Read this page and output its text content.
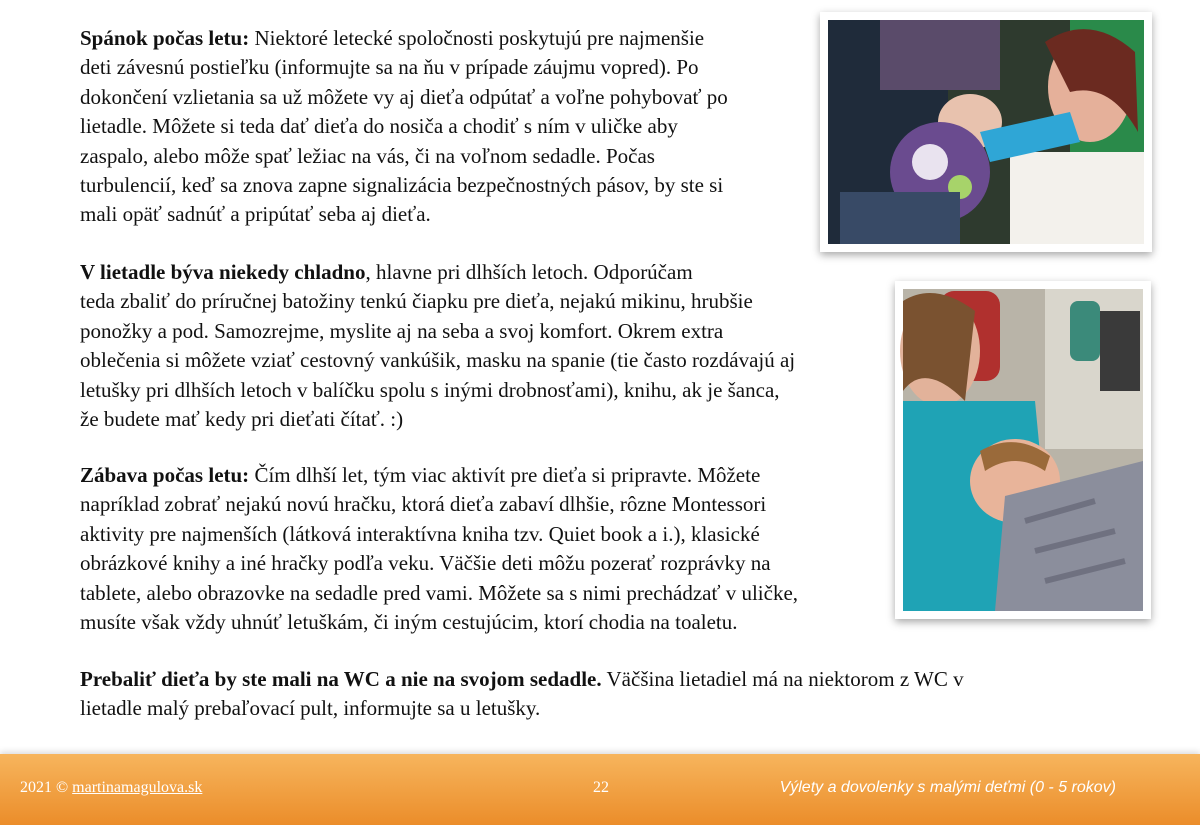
Spánok počas letu: Niektoré letecké spoločnosti poskytujú pre najmenšie
deti závesnú postieľku (informujte sa na ňu v prípade záujmu vopred). Po
dokončení vzlietania sa už môžete vy aj dieťa odpútať a voľne pohybovať po
lietadle. Môžete si teda dať dieťa do nosiča a chodiť s ním v uličke aby
zaspalo, alebo môže spať ležiac na vás, či na voľnom sedadle. Počas
turbulencií, keď sa znova zapne signalizácia bezpečnostných pásov, by ste si
mali opäť sadnúť a pripútať seba aj dieťa.
V lietadle býva niekedy chladno, hlavne pri dlhších letoch. Odporúčam
teda zbaliť do príručnej batožiny tenkú čiapku pre dieťa, nejakú mikinu, hrubšie
ponožky a pod. Samozrejme, myslite aj na seba a svoj komfort. Okrem extra
oblečenia si môžete vziať cestovný vankúšik, masku na spanie (tie často rozdávajú aj
letušky pri dlhších letoch v balíčku spolu s inými drobnosťami), knihu, ak je šanca,
že budete mať kedy pri dieťati čítať. :)
Zábava počas letu: Čím dlhší let, tým viac aktivít pre dieťa si pripravte. Môžete
napríklad zobrať nejakú novú hračku, ktorá dieťa zabaví dlhšie, rôzne Montessori
aktivity pre najmenších (látková interaktívna kniha tzv. Quiet book a i.), klasické
obrázkové knihy a iné hračky podľa veku. Väčšie deti môžu pozerať rozprávky na
tablete, alebo obrazovke na sedadle pred vami. Môžete sa s nimi prechádzať v uličke,
musíte však vždy uhnúť letuškám, či iným cestujúcim, ktorí chodia na toaletu.
Prebaliť dieťa by ste mali na WC a nie na svojom sedadle. Väčšina lietadiel má na niektorom z WC v
lietadle malý prebaľovací pult, informujte sa u letušky.
2021 © martinamagulova.sk	22	Výlety a dovolenky s malými deťmi (0 - 5 rokov)
